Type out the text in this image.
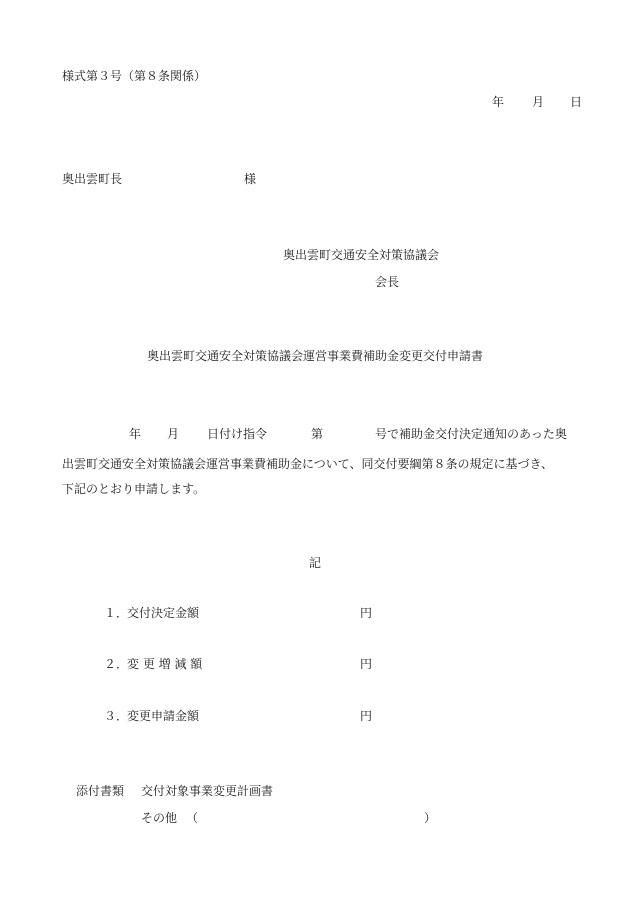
様式第３号（第８条関係）
年 月 日
奥出雲町長	様
奥出雲町交通安全対策協議会
会長
奥出雲町交通安全対策協議会運営事業費補助金変更交付申請書
年 月 日付け指令	第	号で補助金交付決定通知のあった奥
出雲町交通安全対策協議会運営事業費補助金について、同交付要綱第８条の規定に基づき、
下記のとおり申請します。
記
１．
交付決定金額	円
２．
変 更 増 減 額	円
３．
変更申請金額	円
添付書類 交付対象事業変更計画書
その他 （	）
